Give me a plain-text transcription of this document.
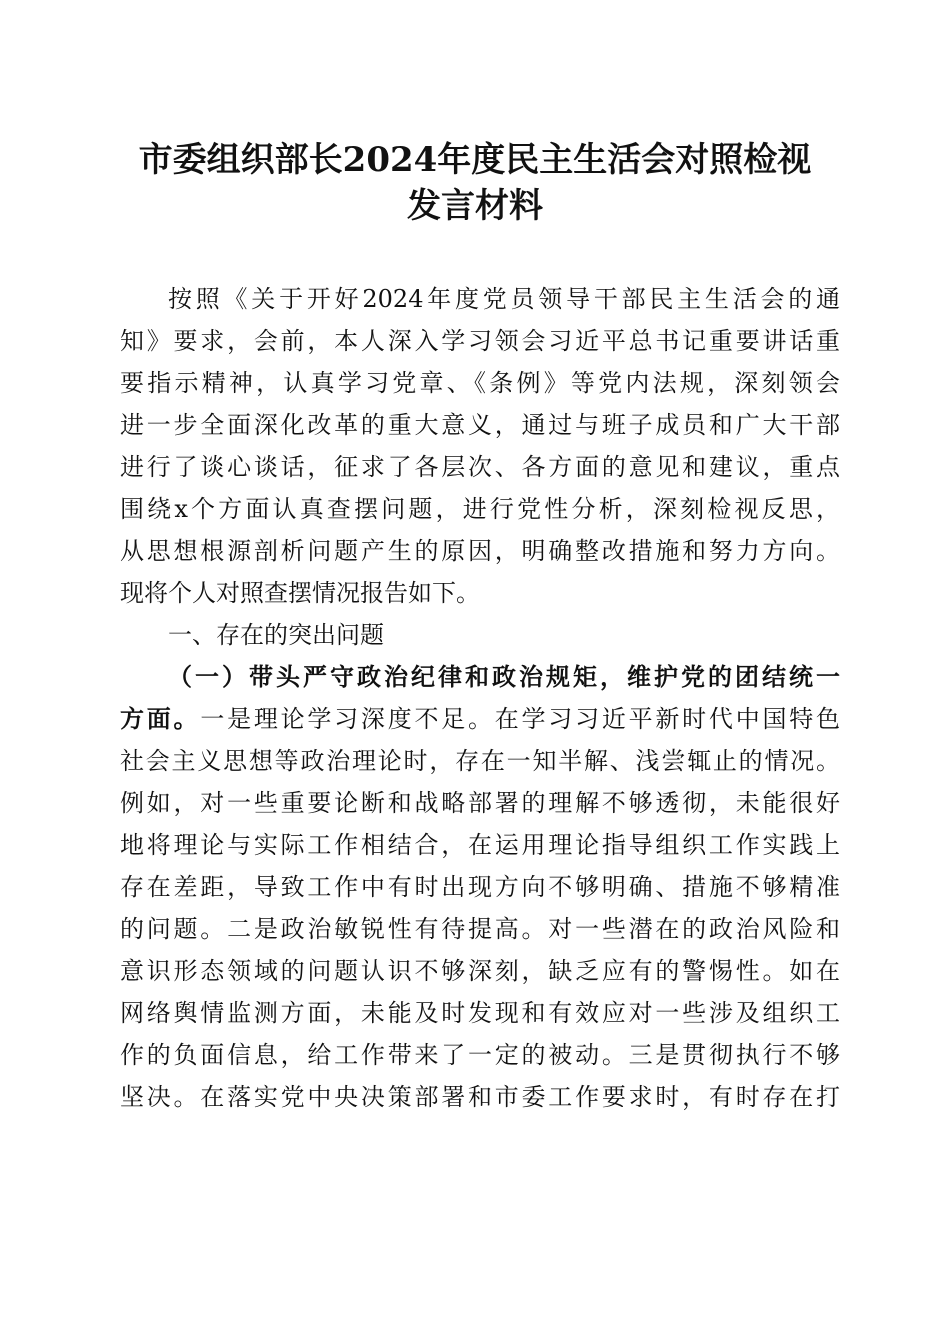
市委组织部长2024年度民主生活会对照检视
发言材料
按照《关于开好2024年度党员领导干部民主生活会的通
知》要求，会前，本人深入学习领会习近平总书记重要讲话重
要指示精神，认真学习党章、《条例》等党内法规，深刻领会
进一步全面深化改革的重大意义，通过与班子成员和广大干部
进行了谈心谈话，征求了各层次、各方面的意见和建议，重点
围绕x个方面认真查摆问题，进行党性分析，深刻检视反思，
从思想根源剖析问题产生的原因，明确整改措施和努力方向。
现将个人对照查摆情况报告如下。
一、存在的突出问题
（一）带头严守政治纪律和政治规矩，维护党的团结统一
方面。一是理论学习深度不足。在学习习近平新时代中国特色
社会主义思想等政治理论时，存在一知半解、浅尝辄止的情况。
例如，对一些重要论断和战略部署的理解不够透彻，未能很好
地将理论与实际工作相结合，在运用理论指导组织工作实践上
存在差距，导致工作中有时出现方向不够明确、措施不够精准
的问题。二是政治敏锐性有待提高。对一些潜在的政治风险和
意识形态领域的问题认识不够深刻，缺乏应有的警惕性。如在
网络舆情监测方面，未能及时发现和有效应对一些涉及组织工
作的负面信息，给工作带来了一定的被动。三是贯彻执行不够
坚决。在落实党中央决策部署和市委工作要求时，有时存在打
